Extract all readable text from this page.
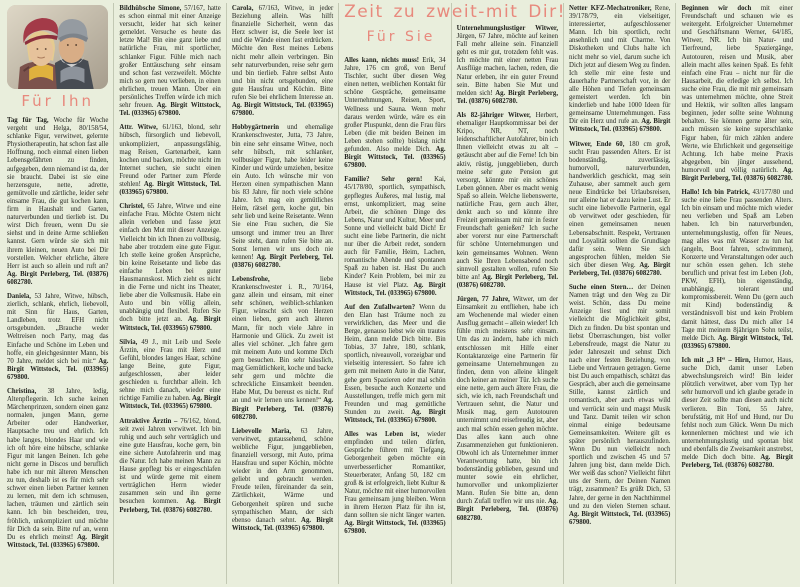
Zeit zu zweit-mit Dir!
Für Sie
Für Ihn

Tag für Tag, Woche für Woche vergeht und Helga, 80/158/54, schlanke Figur, verwitwet, gelernte Physiotherapeutin, hat schon fast alle Hoffnung, noch einmal einen lieben Lebensgefährten zu finden, aufgegeben, denn niemand ist da, der sie braucht. Dabei ist sie eine herzensgute, nette, adrette, gemütvolle und zärtliche, leider sehr einsame Frau, die gut kochen kann, firm in Haushalt und Garten, naturverbunden und tierlieb ist. Du wirst Dich freuen, wenn Du sie siehst und in deine Arme schließen kannst. Gern würde sie sich mit ihrem kleinen, neuen Auto bei Dir vorstellen. Welcher ehrliche, ältere Herr ist auch so allein und ruft an? Ag. Birgit Perleberg, Tel. (03876) 6082780.

Daniela, 53 Jahre, Witwe, hübsch, zierlich, schlank, ehrlich, liebevoll, mit Sinn für Haus, Garten, Landleben, trotz EFH nicht ortsgebunden. „Brauche weder Weltreisen noch Party, mag das Einfache und Schöne im Leben und hoffe, ein gleichgesinnter Mann, bis 70 Jahre, meldet sich bei mir.“ Ag. Birgit Wittstock, Tel. (033965) 679800.

Christina, 38 Jahre, ledig, Altenpflegerin. Ich suche keinen Märchenprinzen, sondern einen ganz normalen, jungen Mann, gerne Arbeiter oder Handwerker, Hauptsache treu und ehrlich. Ich habe langes, blondes Haar und wie ich oft höre eine hübsche, schlanke Figur mit langen Beinen. Ich gehe nicht gerne in Discos und beruflich habe ich nur mit älteren Menschen zu tun, deshalb ist es für mich sehr schwer einen lieben Partner kennen zu lernen, mit dem ich schmusen, lachen, träumen und zärtlich sein kann. Ich bin bescheiden, treu, fröhlich, unkompliziert und möchte für Dich da sein. Bitte ruf an, wenn Du es ehrlich meinst! Ag. Birgit Wittstock, Tel. (033965) 679800.

Bildhübsche Simone, 57/167, hatte es schon einmal mit einer Anzeige versucht, leider hat sich keiner gemeldet. Versuche es heute das letzte Mal! Bin eine ganz liebe und natürliche Frau, mit sportlicher, schlanker Figur. Fühle mich nach großer Enttäuschung sehr einsam und schon fast verzweifelt. Möchte mich so gern neu verlieben, in einen ehrlichen, treuen Mann. Über ein persönliches Treffen würde ich mich sehr freuen. Ag. Birgit Wittstock, Tel. (033965) 679800.

Attr. Witwe, 61/163, blond, sehr hübsch, fürsorglich und liebevoll, unkompliziert, anpassungsfähig, mag Reisen, Gartenarbeit, kann kochen und backen, möchte nicht im Internet suchen, sie sucht einen Freund oder Partner zum Pferde stehlen! Ag. Birgit Wittstock, Tel. (033965) 679800.

Christel, 65 Jahre, Witwe und eine einfache Frau. Möchte Ostern nicht allein verleben und fasse jetzt einfach den Mut mit dieser Anzeige. Vielleicht bin ich Ihnen zu vollbusig, habe aber trotzdem eine gute Figur. Ich stelle keine großen Ansprüche, bin keine Reisetante und liebe das einfache Leben bei guter Hausmannskost. Mich zieht es nicht in die Ferne und nicht ins Theater, liebe aber die Volksmusik. Habe ein Auto und bin völlig allein, unabhängig und flexibel. Rufen Sie doch bitte jetzt an. Ag. Birgit Wittstock, Tel. (033965) 679800.

Silvia, 49 J., mit Leib und Seele Ärztin, eine Frau mit Herz und Gefühl, blondes langes Haar, schöne lange Beine, gute Figur, aufgeschlossen, aber leider geschieden u. furchtbar allein. Ich sehne mich danach, wieder eine richtige Familie zu haben. Ag. Birgit Wittstock, Tel. (033965) 679800.

Attraktive Ärztin – 76/162, blond, seit zwei Jahren verwitwet. Ich bin ruhig und auch sehr verträglich und eine gute Hausfrau, koche gern, bin eine sichere Autofahrerin und mag die Natur. Ich habe meinen Mann zu Hause gepflegt bis er eingeschlafen ist und würde gerne mit einem verträglichen Herrn wieder zusammen sein und ihn gerne besuchen kommen. Ag. Birgit Perleberg, Tel. (03876) 6082780.

Carola, 67/163, Witwe, in jeder Beziehung allein. Was hilft finanzielle Sicherheit, wenn das Herz schwer ist, die Seele leer ist und die Wände einen fast erdrücken. Möchte den Rest meines Lebens nicht mehr allein verbringen. Bin sehr naturverbunden, reise sehr gern und bin tierlieb. Fahre selbst Auto und bin nicht ortsgebunden, eine gute Hausfrau und Köchin. Bitte rufen Sie bei ehrlichem Interesse an. Ag. Birgit Wittstock, Tel. (033965) 679800.

Hobbygärtnerin und ehemalige Krankenschwester, Jutta, 73 Jahre, bin eine sehr einsame Witwe, noch sehr hübsch, mit schlanker, vollbusiger Figur, habe leider keine Kinder und würde umziehen, besitze ein Auto. Ich wünsche mir von Herzen einen sympathischen Mann bis 83 Jahre, für noch viele schöne Jahre. Ich mag ein gemütliches Heim, rätsel gern, koche gut, bin sehr lieb und keine Reisetante. Wenn Sie eine Frau suchen, die Sie umsorgt und immer treu an Ihrer Seite steht, dann rufen Sie bitte an. Sonst lernen wir uns doch nie kennen! Ag. Birgit Perleberg, Tel. (03876) 6082780.

Lebensfrohe, liebe Krankenschwester i. R., 70/164, ganz allein und einsam, mit einer sehr schönen, weiblich-schlanken Figur, wünscht sich von Herzen einen lieben, gern auch älteren Mann, für noch viele Jahre in Harmonie und Glück. Zu zweit ist alles viel schöner. „Ich fahre gern mit meinem Auto und komme Dich gern besuchen. Bin sehr häuslich, mag Gemütlichkeit, koche und backe sehr gern und möchte die schreckliche Einsamkeit beenden. Habe Mut, Du bereust es nicht. Ruf an und wir lernen uns kennen!“ Ag. Birgit Perleberg, Tel. (03876) 6082780.

Liebevolle Maria, 63 Jahre, verwitwet, gutaussehend, schöne weibliche Figur, junggeblieben, finanziell versorgt, mit Auto, prima Hausfrau und super Köchin, möchte wieder in den Arm genommen, geliebt und gebraucht werden. Freude teilen, füreinander da sein, Zärtlichkeit, Wärme und Geborgenheit spüren und suche sympathischen Mann, der sich ebenso danach sehnt. Ag. Birgit Wittstock, Tel. (033965) 679800.

Alles kann, nichts muss! Erik, 34 Jahre, 176 cm groß, von Beruf Tischler, sucht über diesen Weg einen netten, weiblichen Kontakt für schöne Gespräche, gemeinsame Unternehmungen, Reisen, Sport, Wellness und Sauna. Wenn mehr daraus werden würde, wäre es ein großer Pluspunkt, denn die Frau fürs Leben (die mit beiden Beinen im Leben stehen sollte) bislang nicht gefunden. Also melde Dich. Ag. Birgit Wittstock, Tel. (033965) 679800.

Familie? Sehr gern! Kai, 45/178/80, sportlich, sympathisch, gepflegtes Äußeres, mal lustig, mal ernst, unkompliziert, mag seine Arbeit, die schönen Dinge des Lebens, Natur und Kultur, Meer und Sonne und vielleicht bald Dich! Er sucht eine liebe Partnerin, die nicht nur über die Arbeit redet, sondern auch für Familie, Heim, Lachen, romantische Abende und spontanen Spaß zu haben ist. Hast Du auch Kinder? Kein Problem, bei mir zu Hause ist viel Platz. Ag. Birgit Wittstock, Tel. (033965) 679800.

Auf den Zufallwarten? Wenn du den Elan hast Träume noch zu verwirklichen, das Meer und die Berge, genauso liebst wie ein trautes Heim, dann melde Dich bitte. Bin Tobias, 37 Jahre, 180, schlank, sportlich, niveauvoll, vorzeigbar und vielseitig interessiert. So fahre ich gern mit meinem Auto in die Natur, gehe gern Spazieren oder mal schön Essen, besuche auch Konzerte und Ausstellungen, treffe mich gern mit Freunden und mag gemütliche Stunden zu zweit. Ag. Birgit Wittstock, Tel. (033965) 679800.

Alles was Leben ist, wieder empfinden und teilen dürfen, Gespräche führen mit Tiefgang, Geborgenheit geben möchte ein unverbesserlicher Romantiker, Steuerberater, Anfang 50, 182 cm groß & ist erfolgreich, liebt Kultur & Natur, möchte mit einer humorvollen Frau gemeinsam jung bleiben. Wenn in ihrem Herzen Platz für ihn ist, dann sollten sie nicht länger warten. Ag. Birgit Wittstock, Tel. (033965) 679800.

Unternehmungslustiger Witwer, Jürgen, 67 Jahre, möchte auf keinen Fall mehr alleine sein. Finanziell geht es mir gut, trotzdem fehlt was. Ich möchte mit einer netten Frau Ausflüge machen, lachen, reden, die Natur erleben, ihr ein guter Freund sein. Bitte haben Sie Mut und melden sich! Ag. Birgit Perleberg, Tel. (03876) 6082780.

Als 82-jähriger Witwer, Herbert, ehemaliger Hauptkommissar bei der Kripo, NR, NT, noch leidenschaftlicher Autofahrer, bin ich Ihnen vielleicht etwas zu alt – getäuscht aber auf die Ferne! Ich bin aktiv, rüstig, junggeblieben, durch meine sehr gute Pension gut versorgt, könnte mir ein schönes Leben gönnen. Aber es macht wenig Spaß so allein. Welche liebenswerte, natürliche Frau, gern auch älter, denkt auch so und könnte ihre Freizeit gemeinsam mit mir in fester Freundschaft genießen? Ich suche aber vorerst nur eine Partnerschaft für schöne Unternehmungen und kein gemeinsames Wohnen. Wenn auch Sie Ihren Lebensabend noch sinnvoll gestalten wollen, rufen Sie bitte an! Ag. Birgit Perleberg, Tel. (03876) 6082780.

Jürgen, 77 Jahre, Witwer, um der Einsamkeit zu entfliehen, habe ich am Wochenende mal wieder einen Ausflug gemacht – allein wieder! Ich fühle mich meistens sehr einsam. Um das zu ändern, habe ich mich entschlossen mit Hilfe einer Kontaktanzeige eine Partnerin für gemeinsame Unternehmungen zu finden, denn von alleine klingelt doch keiner an meiner Tür. Ich suche eine nette, gern auch ältere Frau, die sich, wie ich, nach Freundschaft und Vertrauen sehnt, die Natur und Musik mag, gern Autotouren unternimmt und reisefreudig ist, aber auch mal schön essen gehen möchte. Das alles kann auch ohne Zusammenziehen gut funktionieren. Obwohl ich als Unternehmer immer Verantwortung hatte, bin ich bodenständig geblieben, gesund und munter sowie ein ehrlicher, humorvoller und unkomplizierter Mann. Rufen Sie bitte an, denn durch Zufall treffen wir uns nie. Ag. Birgit Perleberg, Tel. (03876) 6082780.

Netter KFZ-Mechatroniker, Rene, 39/178/79, ein vielseitiger, interessierter, aufgeschlossener Mann. Ich bin sportlich, recht ansehnlich und mit Charme. Von Diskotheken und Clubs halte ich nicht mehr so viel, darum suche ich Dich jetzt auf diesem Weg zu finden. Ich stelle mir eine feste und dauerhafte Partnerschaft vor, in der alle Höhen und Tiefen gemeinsam gemeistert werden. Ich bin kinderlieb und habe 1000 Ideen für gemeinsame Unternehmungen. Fass Dir ein Herz und rufe an. Ag. Birgit Wittstock, Tel. (033965) 679800.

Witwer, Ende 60, 180 cm groß, sucht Frau passenden Alters. Er ist bodenständig, zuverlässig, humorvoll, naturverbunden, handwerklich geschickt, mag sein Zuhause, aber sammelt auch gern neue Eindrücke bei Urlaubsreisen, nur alleine hat er dazu keine Lust. Er sucht eine liebevolle Partnerin, egal ob verwitwet oder geschieden, für einen gemeinsamen neuen Lebensabschnitt. Respekt, Vertrauen und Loyalität sollten die Grundlage dafür sein. Wenn Sie sich angesprochen fühlen, melden Sie sich über diesen Weg. Ag. Birgit Perleberg, Tel. (03876) 6082780.

Suche einen Stern… der Deinen Namen trägt und den Weg zu Dir weist. Schön, dass Du meine Anzeige liest und mir somit vielleicht die Möglichkeit gibst, Dich zu finden. Du bist spontan und liebst Überraschungen, bist voller Lebensfreude, magst die Natur zu jeder Jahreszeit und sehnst Dich nach einer festen Beziehung, von Liebe und Vertrauen getragen. Gerne bist Du auch empathisch, schätzt das Gespräch, aber auch die gemeinsame Stille, kannst zärtlich und romantisch, aber auch etwas wild und verrückt sein und magst Musik und Tanz. Damit teilen wir schon einmal einige bedeutsame Gemeinsamkeiten. Weitere gilt es später persönlich herauszufinden. Wenn Du nun vielleicht noch sportlich und zwischen 45 und 57 Jahren jung bist, dann melde Dich. Wer weiß das schon? Vielleicht führt uns der Stern, der Deinen Namen trägt, zusammen? Es grüßt Dich, 53 Jahre, der gerne in den Nachthimmel und zu den vielen Sternen schaut. Ag. Birgit Wittstock, Tel. (033965) 679800.

Beginnen wir doch mit einer Freundschaft und schauen wie es weitergeht. Erfolgreicher Unternehmer und Geschäftsmann Werner, 64/185, Witwer, NR. Ich bin Natur- und Tierfreund, liebe Spaziergänge, Autotouren, reisen und Musik, aber allein macht alles keinen Spaß. Es fehlt einfach eine Frau – nicht nur für die Hausarbeit, die erledige ich selbst. Ich suche eine Frau, die mit mir gemeinsam was unternehmen möchte, ohne Streit und Hektik, wir sollten alles langsam beginnen, jeder sollte seine Wohnung behalten. Sie können gerne älter sein, auch müssen sie keine superschlanke Figur haben, für mich zählen andere Werte, wie Ehrlichkeit und gegenseitige Achtung. Ich habe meine Praxis abgegeben, bin jünger aussehend, humorvoll und völlig natürlich. Ag. Birgit Perleberg, Tel. (03876) 6082780.

Hallo! Ich bin Patrick, 43/177/80 und suche eine liebe Frau passenden Alters. Ich bin einsam und möchte mich wieder neu verlieben und Spaß am Leben haben. Ich bin naturverbunden, unternehmungslustig, offen für Neues, mag alles was mit Wasser zu tun hat (angeln, Boot fahren, schwimmen), Konzerte und Veranstaltungen oder auch nur schön essen gehen. Ich stehe beruflich und privat fest im Leben (Job, PKW, EFH), bin eigenständig, unabhängig, tolerant und kompromissbereit. Wenn Du (gern auch mit Kind) bodenständig & verständnisvoll bist und kein Problem damit hättest, dass Du mich aller 14 Tage mit meinem 8jährigen Sohn teilst, melde Dich. Ag. Birgit Wittstock, Tel. (033965) 679800.

Ich mit „3 H“ – Hirn, Humor, Haus, suche Dich, damit unser Leben abwechslungsreich wird! Bin leider plötzlich verwitwet, aber vom Typ her sehr humorvoll und ich glaube gerade in dieser Zeit sollte man diesen auch nicht verlieren. Bin Toni, 55 Jahre, berufstätig, mit Hof und Hund, nur Du fehlst noch zum Glück. Wenn Du mich kennenlernen möchtest und wie ich unternehmungslustig und spontan bist und ebenfalls die Zweisamkeit anstrebst, melde Dich doch bitte. Ag. Birgit Perleberg, Tel. (03876) 6082780.
